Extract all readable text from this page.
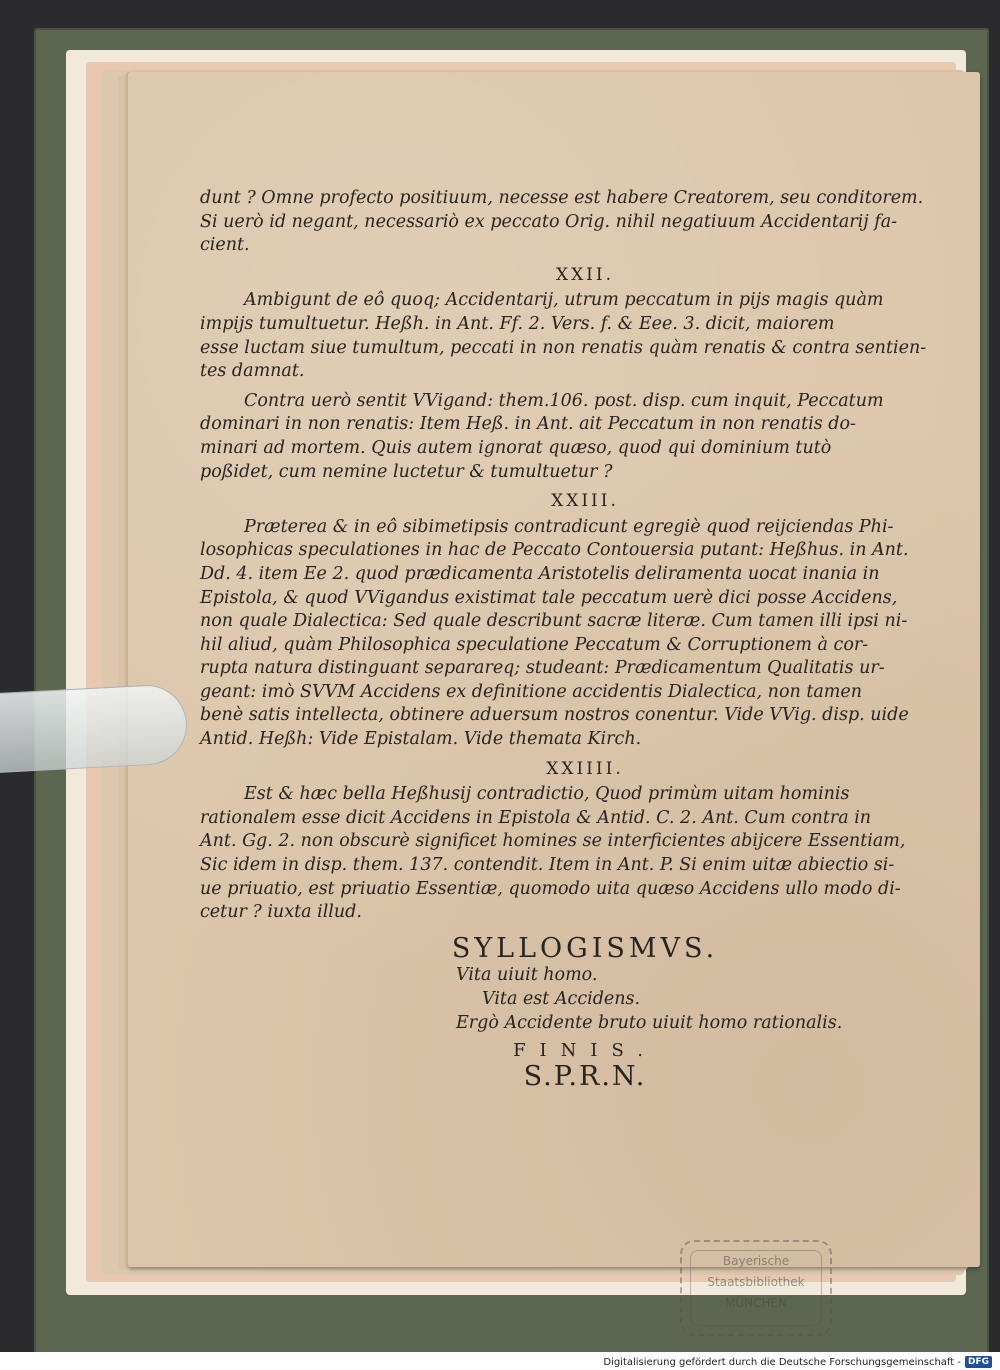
Bayerische
Staatsbibliothek
MÜNCHEN

dunt ? Omne profecto positiuum, necesse est habere Creatorem, seu conditorem.
Si uerò id negant, necessariò ex peccato Orig. nihil negatiuum Accidentarij fa-
cient.

XXII.

Ambigunt de eô quoq; Accidentarij, utrum peccatum in pijs magis quàm
impijs tumultuetur. Heßh. in Ant. Ff. 2. Vers. f. & Eee. 3. dicit, maiorem
esse luctam siue tumultum, peccati in non renatis quàm renatis & contra sentien-
tes damnat.

Contra uerò sentit VVigand: them.106. post. disp. cum inquit, Peccatum
dominari in non renatis: Item Heß. in Ant. ait Peccatum in non renatis do-
minari ad mortem. Quis autem ignorat quæso, quod qui dominium tutò
poßidet, cum nemine luctetur & tumultuetur ?

XXIII.

Præterea & in eô sibimetipsis contradicunt egregiè quod reijciendas Phi-
losophicas speculationes in hac de Peccato Contouersia putant: Heßhus. in Ant.
Dd. 4. item Ee 2. quod prædicamenta Aristotelis deliramenta uocat inania in
Epistola, & quod VVigandus existimat tale peccatum uerè dici posse Accidens,
non quale Dialectica: Sed quale describunt sacræ literæ. Cum tamen illi ipsi ni-
hil aliud, quàm Philosophica speculatione Peccatum & Corruptionem à cor-
rupta natura distinguant separareq; studeant: Prædicamentum Qualitatis ur-
geant: imò SVVM Accidens ex definitione accidentis Dialectica, non tamen
benè satis intellecta, obtinere aduersum nostros conentur. Vide VVig. disp. uide
Antid. Heßh: Vide Epistalam. Vide themata Kirch.

XXIIII.

Est & hæc bella Heßhusij contradictio, Quod primùm uitam hominis
rationalem esse dicit Accidens in Epistola & Antid. C. 2. Ant. Cum contra in
Ant. Gg. 2. non obscurè significet homines se interficientes abijcere Essentiam,
Sic idem in disp. them. 137. contendit. Item in Ant. P. Si enim uitæ abiectio si-
ue priuatio, est priuatio Essentiæ, quomodo uita quæso Accidens ullo modo di-
cetur ? iuxta illud.

SYLLOGISMVS.
Vita uiuit homo.
Vita est Accidens.
Ergò Accidente bruto uiuit homo rationalis.
FINIS.
S.P.R.N.
Digitalisierung gefördert durch die Deutsche Forschungsgemeinschaft - DFG
